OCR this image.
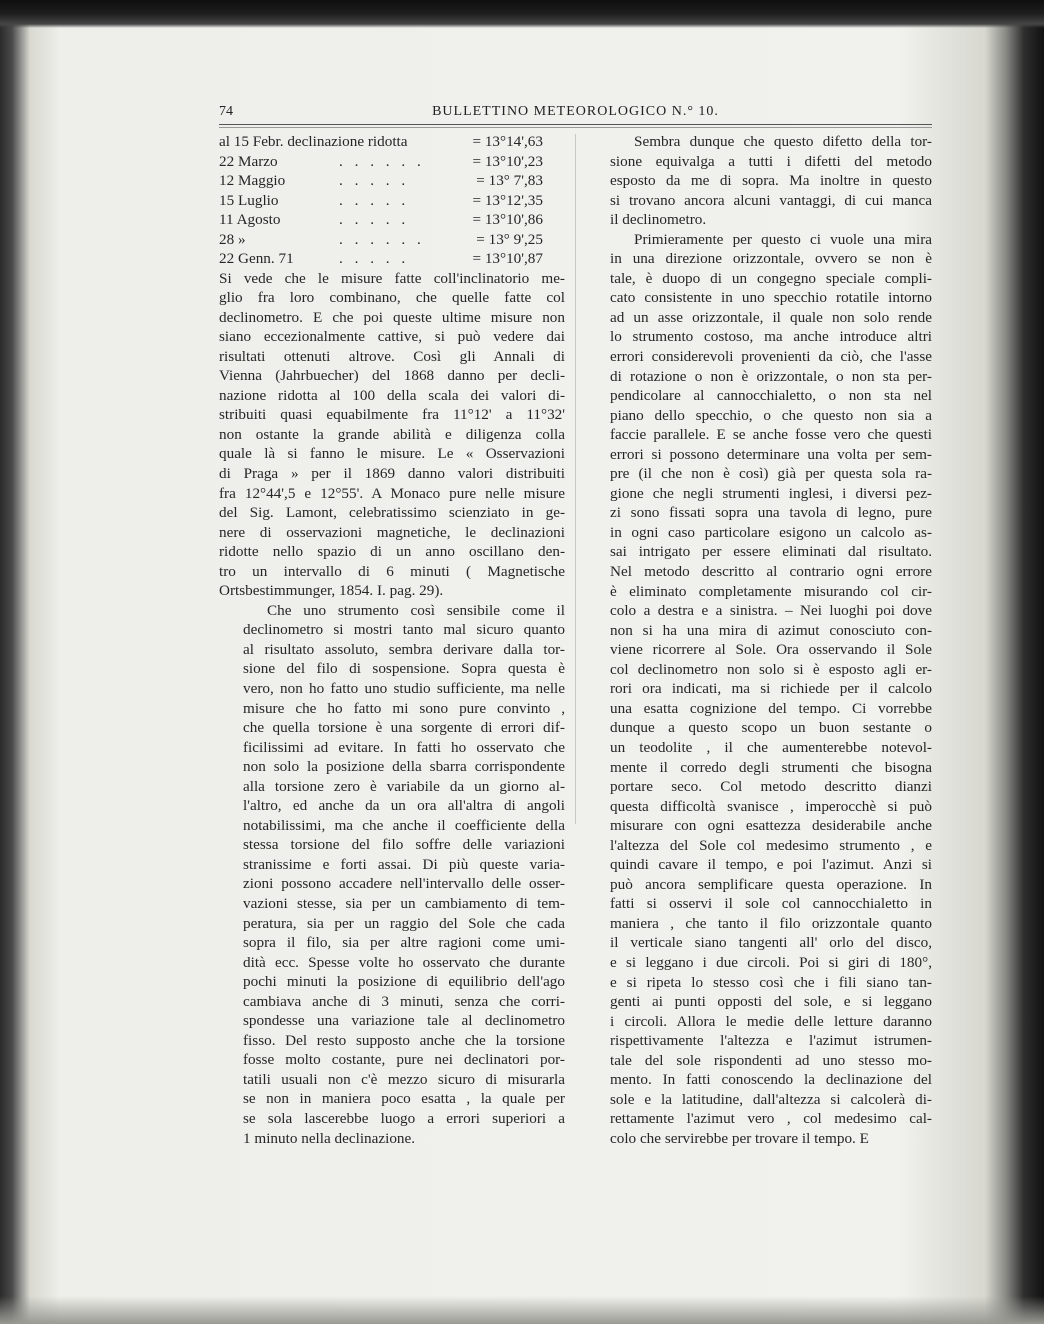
74	BULLETTINO METEOROLOGICO N.° 10.
al 15 Febr. declinazione ridotta	= 13°14',63
22 Marzo	. . . . . .	= 13°10',23
12 Maggio	. . . . .	= 13° 7',83
15 Luglio	. . . . .	= 13°12',35
11 Agosto	. . . . .	= 13°10',86
28 »	. . . . . .	= 13° 9',25
22 Genn. 71	. . . . .	= 13°10',87
Si vede che le misure fatte coll'inclinatorio me-
glio fra loro combinano, che quelle fatte col
declinometro. E che poi queste ultime misure non
siano eccezionalmente cattive, si può vedere dai
risultati ottenuti altrove. Così gli Annali di
Vienna (Jahrbuecher) del 1868 danno per decli-
nazione ridotta al 100 della scala dei valori di-
stribuiti quasi equabilmente fra 11°12' a 11°32'
non ostante la grande abilità e diligenza colla
quale là si fanno le misure. Le « Osservazioni
di Praga » per il 1869 danno valori distribuiti
fra 12°44',5 e 12°55'. A Monaco pure nelle misure
del Sig. Lamont, celebratissimo scienziato in ge-
nere di osservazioni magnetiche, le declinazioni
ridotte nello spazio di un anno oscillano den-
tro un intervallo di 6 minuti ( Magnetische
Ortsbestimmunger, 1854. I. pag. 29).
Che uno strumento così sensibile come il
declinometro si mostri tanto mal sicuro quanto
al risultato assoluto, sembra derivare dalla tor-
sione del filo di sospensione. Sopra questa è
vero, non ho fatto uno studio sufficiente, ma nelle
misure che ho fatto mi sono pure convinto ,
che quella torsione è una sorgente di errori dif-
ficilissimi ad evitare. In fatti ho osservato che
non solo la posizione della sbarra corrispondente
alla torsione zero è variabile da un giorno al-
l'altro, ed anche da un ora all'altra di angoli
notabilissimi, ma che anche il coefficiente della
stessa torsione del filo soffre delle variazioni
stranissime e forti assai. Di più queste varia-
zioni possono accadere nell'intervallo delle osser-
vazioni stesse, sia per un cambiamento di tem-
peratura, sia per un raggio del Sole che cada
sopra il filo, sia per altre ragioni come umi-
dità ecc. Spesse volte ho osservato che durante
pochi minuti la posizione di equilibrio dell'ago
cambiava anche di 3 minuti, senza che corri-
spondesse una variazione tale al declinometro
fisso. Del resto supposto anche che la torsione
fosse molto costante, pure nei declinatori por-
tatili usuali non c'è mezzo sicuro di misurarla
se non in maniera poco esatta , la quale per
se sola lascerebbe luogo a errori superiori a
1 minuto nella declinazione.
Sembra dunque che questo difetto della tor-
sione equivalga a tutti i difetti del metodo
esposto da me di sopra. Ma inoltre in questo
si trovano ancora alcuni vantaggi, di cui manca
il declinometro.
Primieramente per questo ci vuole una mira
in una direzione orizzontale, ovvero se non è
tale, è duopo di un congegno speciale compli-
cato consistente in uno specchio rotatile intorno
ad un asse orizzontale, il quale non solo rende
lo strumento costoso, ma anche introduce altri
errori considerevoli provenienti da ciò, che l'asse
di rotazione o non è orizzontale, o non sta per-
pendicolare al cannocchialetto, o non sta nel
piano dello specchio, o che questo non sia a
faccie parallele. E se anche fosse vero che questi
errori si possono determinare una volta per sem-
pre (il che non è così) già per questa sola ra-
gione che negli strumenti inglesi, i diversi pez-
zi sono fissati sopra una tavola di legno, pure
in ogni caso particolare esigono un calcolo as-
sai intrigato per essere eliminati dal risultato.
Nel metodo descritto al contrario ogni errore
è eliminato completamente misurando col cir-
colo a destra e a sinistra. – Nei luoghi poi dove
non si ha una mira di azimut conosciuto con-
viene ricorrere al Sole. Ora osservando il Sole
col declinometro non solo si è esposto agli er-
rori ora indicati, ma si richiede per il calcolo
una esatta cognizione del tempo. Ci vorrebbe
dunque a questo scopo un buon sestante o
un teodolite , il che aumenterebbe notevol-
mente il corredo degli strumenti che bisogna
portare seco. Col metodo descritto dianzi
questa difficoltà svanisce , imperocchè si può
misurare con ogni esattezza desiderabile anche
l'altezza del Sole col medesimo strumento , e
quindi cavare il tempo, e poi l'azimut. Anzi si
può ancora semplificare questa operazione. In
fatti si osservi il sole col cannocchialetto in
maniera , che tanto il filo orizzontale quanto
il verticale siano tangenti all' orlo del disco,
e si leggano i due circoli. Poi si giri di 180°,
e si ripeta lo stesso così che i fili siano tan-
genti ai punti opposti del sole, e si leggano
i circoli. Allora le medie delle letture daranno
rispettivamente l'altezza e l'azimut istrumen-
tale del sole rispondenti ad uno stesso mo-
mento. In fatti conoscendo la declinazione del
sole e la latitudine, dall'altezza si calcolerà di-
rettamente l'azimut vero , col medesimo cal-
colo che servirebbe per trovare il tempo. E
